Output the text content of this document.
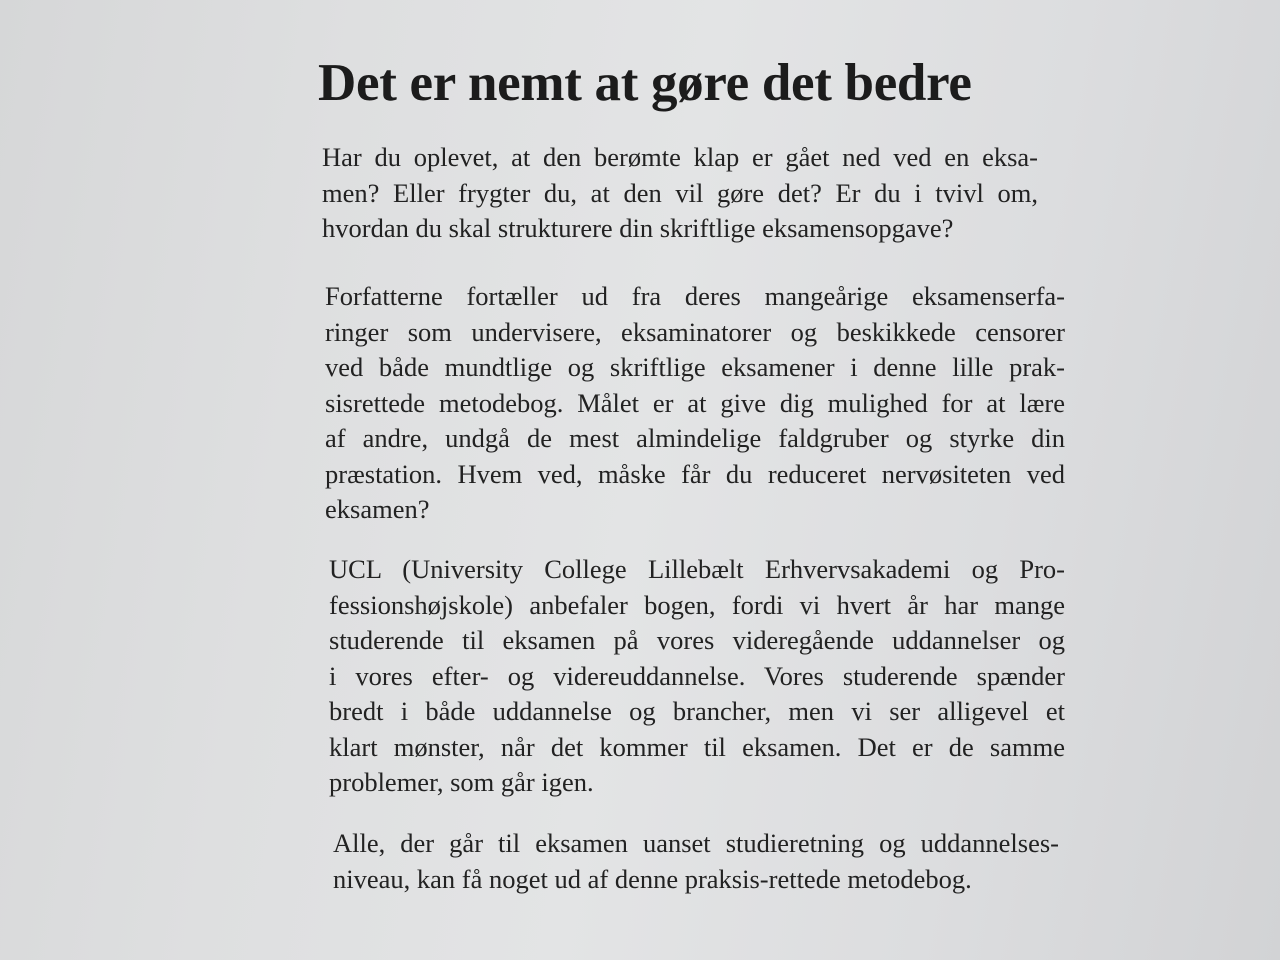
Det er nemt at gøre det bedre

Har du oplevet, at den berømte klap er gået ned ved en eksa-
men? Eller frygter du, at den vil gøre det? Er du i tvivl om,
hvordan du skal strukturere din skriftlige eksamensopgave?

Forfatterne fortæller ud fra deres mangeårige eksamenserfa-
ringer som undervisere, eksaminatorer og beskikkede censorer
ved både mundtlige og skriftlige eksamener i denne lille prak-
sisrettede metodebog. Målet er at give dig mulighed for at lære
af andre, undgå de mest almindelige faldgruber og styrke din
præstation. Hvem ved, måske får du reduceret nervøsiteten ved
eksamen?

UCL (University College Lillebælt Erhvervsakademi og Pro-
fessionshøjskole) anbefaler bogen, fordi vi hvert år har mange
studerende til eksamen på vores videregående uddannelser og
i vores efter- og videreuddannelse. Vores studerende spænder
bredt i både uddannelse og brancher, men vi ser alligevel et
klart mønster, når det kommer til eksamen. Det er de samme
problemer, som går igen.

Alle, der går til eksamen uanset studieretning og uddannelses-
niveau, kan få noget ud af denne praksis-rettede metodebog.
